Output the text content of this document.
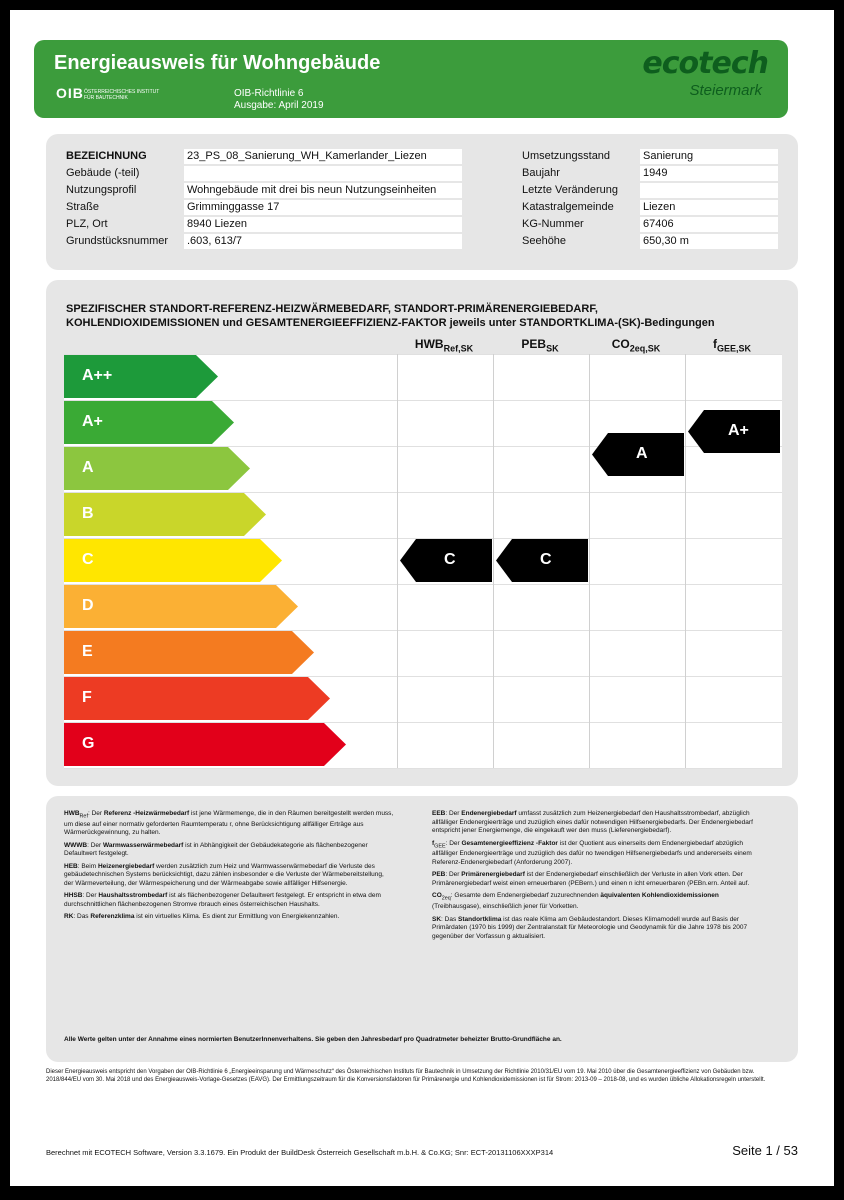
Energieausweis für Wohngebäude
OIB ÖSTERREICHISCHES INSTITUT FÜR BAUTECHNIK	OIB-Richtlinie 6
Ausgabe: April 2019
ecotech
Steiermark
BEZEICHNUNG	23_PS_08_Sanierung_WH_Kamerlander_Liezen
Gebäude (-teil)
Nutzungsprofil	Wohngebäude mit drei bis neun Nutzungseinheiten
Straße	Grimminggasse 17
PLZ, Ort	8940 Liezen
Grundstücksnummer .603, 613/7
Umsetzungsstand	Sanierung
Baujahr	1949
Letzte Veränderung
Katastralgemeinde	Liezen
KG-Nummer	67406
Seehöhe	650,30 m
SPEZIFISCHER STANDORT-REFERENZ-HEIZWÄRMEBEDARF, STANDORT-PRIMÄRENERGIEBEDARF,
KOHLENDIOXIDEMISSIONEN und GESAMTENERGIEEFFIZIENZ-FAKTOR jeweils unter STANDORTKLIMA-(SK)-Bedingungen
A++
A+
A
B
C
D
E
F
G
C	C
A
A+
$HWB_{Ref,SK}$	$PEB_{SK}$	$CO_{2eq,SK}$	$f_{GEE,SK}$

$HWB_{Ref}$: Der Referenz -Heizwärmebedarf ist jene Wärmemenge, die in den Räumen bereitgestellt werden muss, um diese auf einer normativ geforderten Raumtemperatu r, ohne Berücksichtigung allfälliger Erträge aus Wärmerückgewinnung, zu halten.

WWWB: Der Warmwasserwärmebedarf ist in Abhängigkeit der Gebäudekategorie als flächenbezogener Defaultwert festgelegt.

HEB: Beim Heizenergiebedarf werden zusätzlich zum Heiz und Warmwasserwärmebedarf die Verluste des gebäudetechnischen Systems berücksichtigt, dazu zählen insbesonder e die Verluste der Wärmebereitstellung, der Wärmeverteilung, der Wärmespeicherung und der Wärmeabgabe sowie allfälliger Hilfsenergie.

HHSB: Der Haushaltsstrombedarf ist als flächenbezogener Defaultwert festgelegt. Er entspricht in etwa dem durchschnittlichen flächenbezogenen Stromve rbrauch eines österreichischen Haushalts.

RK: Das Referenzklima ist ein virtuelles Klima. Es dient zur Ermittlung von Energiekennzahlen.

EEB: Der Endenergiebedarf umfasst zusätzlich zum Heizenergiebedarf den Haushaltsstrombedarf, abzüglich allfälliger Endenergieerträge und zuzüglich eines dafür notwendigen Hilfsenergiebedarfs. Der Endenergiebedarf entspricht jener Energiemenge, die eingekauft wer den muss (Lieferenergiebedarf).

$f_{GEE}$: Der Gesamtenergieeffizienz -Faktor ist der Quotient aus einerseits dem Endenergiebedarf abzüglich allfälliger Endenergieerträge und zuzüglich des dafür no twendigen Hilfsenergiebedarfs und andererseits einem Referenz-Endenergiebedarf (Anforderung 2007).

PEB: Der Primärenergiebedarf ist der Endenergiebedarf einschließlich der Verluste in allen Vork etten. Der Primärenergiebedarf weist einen erneuerbaren (PEBern.) und einen n icht erneuerbaren (PEBn.ern. Anteil auf.

$CO_{2eq}$: Gesamte dem Endenergiebedarf zuzurechnenden äquivalenten Kohlendioxidemissionen (Treibhausgase), einschließlich jener für Vorketten.

SK: Das Standortklima ist das reale Klima am Gebäudestandort. Dieses Klimamodell wurde auf Basis der Primärdaten (1970 bis 1999) der Zentralanstalt für Meteorologie und Geodynamik für die Jahre 1978 bis 2007 gegenüber der Vorfassun g aktualisiert.

Alle Werte gelten unter der Annahme eines normierten BenutzerInnenverhaltens. Sie geben den Jahresbedarf pro Quadratmeter beheizter Brutto-Grundfläche an.
Dieser Energieausweis entspricht den Vorgaben der OIB-Richtlinie 6 „Energieeinsparung und Wärmeschutz“ des Österreichischen Instituts für Bautechnik in Umsetzung der Richtlinie 2010/31/EU vom 19. Mai 2010 über die Gesamtenergieeffizienz von Gebäuden bzw. 2018/844/EU vom 30. Mai 2018 und des Energieausweis-Vorlage-Gesetzes (EAVG). Der Ermittlungszeitraum für die Konversionsfaktoren für Primärenergie und Kohlendioxidemissionen ist für Strom: 2013-09 – 2018-08, und es wurden übliche Allokationsregeln unterstellt.
Berechnet mit ECOTECH Software, Version 3.3.1679. Ein Produkt der BuildDesk Österreich Gesellschaft m.b.H. & Co.KG; Snr: ECT-20131106XXXP314	Seite 1 / 53
